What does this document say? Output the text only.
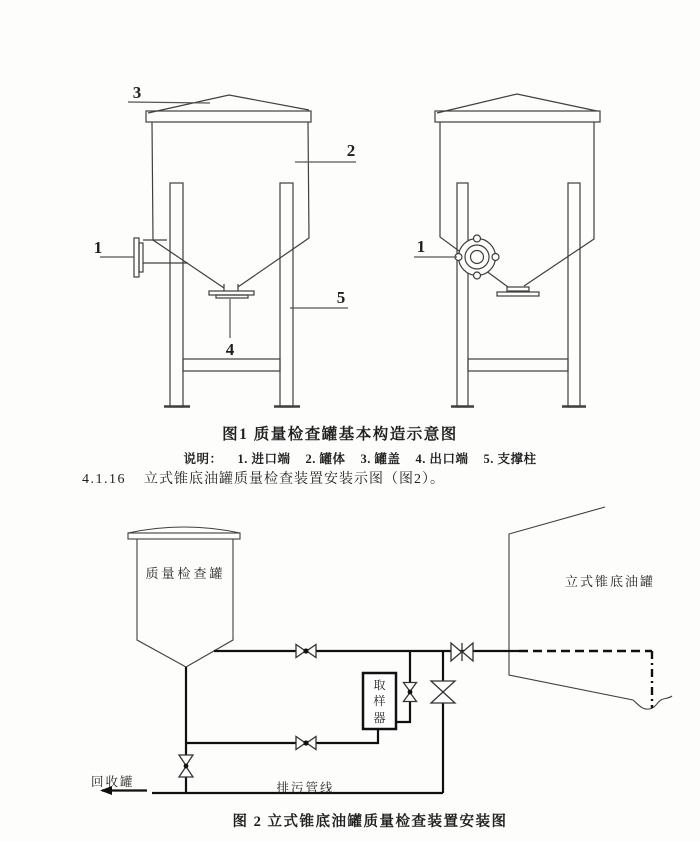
1
2
3
4
5
1
图1 质量检查罐基本构造示意图
说明： 1. 进口端 2. 罐体 3. 罐盖 4. 出口端 5. 支撑柱
4.1.16 立式锥底油罐质量检查装置安装示图（图2）。
质量检查罐
立式锥底油罐
取样器
排污管线
回收罐
图 2 立式锥底油罐质量检查装置安装图
